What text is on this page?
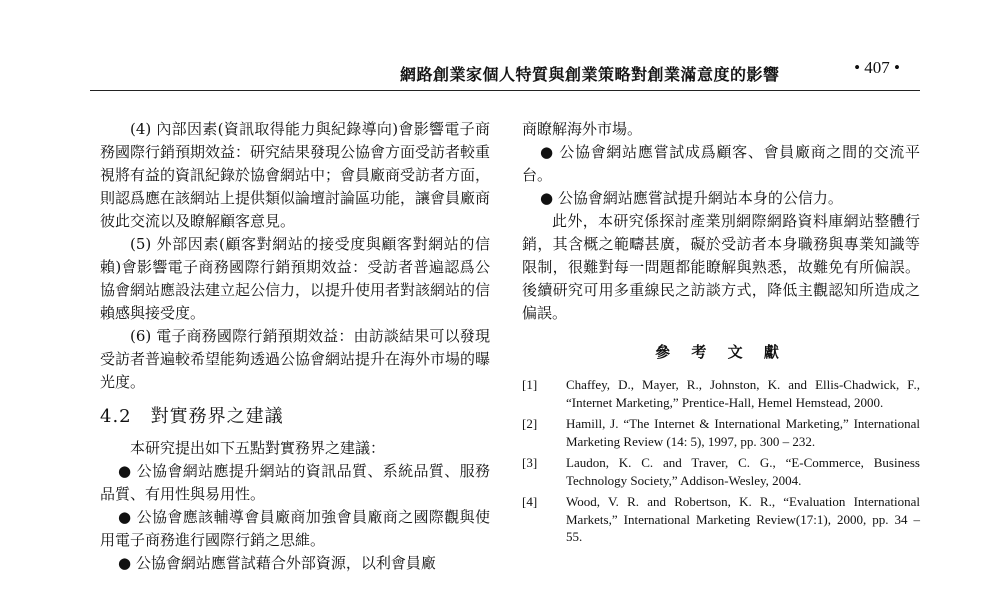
網路創業家個人特質與創業策略對創業滿意度的影響	• 407 •

(4) 內部因素(資訊取得能力與紀錄導向)會影響電子商務國際行銷預期效益：研究結果發現公協會方面受訪者較重視將有益的資訊紀錄於協會網站中；會員廠商受訪者方面，則認爲應在該網站上提供類似論壇討論區功能，讓會員廠商彼此交流以及瞭解顧客意見。

(5) 外部因素(顧客對網站的接受度與顧客對網站的信賴)會影響電子商務國際行銷預期效益：受訪者普遍認爲公協會網站應設法建立起公信力，以提升使用者對該網站的信賴感與接受度。

(6) 電子商務國際行銷預期效益：由訪談結果可以發現受訪者普遍較希望能夠透過公協會網站提升在海外市場的曝光度。

4.2　對實務界之建議

本研究提出如下五點對實務界之建議：

● 公協會網站應提升網站的資訊品質、系統品質、服務品質、有用性與易用性。

● 公協會應該輔導會員廠商加強會員廠商之國際觀與使用電子商務進行國際行銷之思維。

● 公協會網站應嘗試藉合外部資源，以利會員廠

商瞭解海外市場。

● 公協會網站應嘗試成爲顧客、會員廠商之間的交流平台。

● 公協會網站應嘗試提升網站本身的公信力。

此外，本研究係探討產業別網際網路資料庫網站整體行銷，其含概之範疇甚廣，礙於受訪者本身職務與專業知識等限制，很難對每一問題都能瞭解與熟悉，故難免有所偏誤。後續研究可用多重線民之訪談方式，降低主觀認知所造成之偏誤。

參 考 文 獻
[1]	Chaffey, D., Mayer, R., Johnston, K. and Ellis-Chadwick, F., “Internet Marketing,” Prentice-Hall, Hemel Hemstead, 2000.
[2]	Hamill, J. “The Internet & International Marketing,” International Marketing Review (14: 5), 1997, pp. 300 – 232.
[3]	Laudon, K. C. and Traver, C. G., “E-Commerce, Business Technology Society,” Addison-Wesley, 2004.
[4]	Wood, V. R. and Robertson, K. R., “Evaluation International Markets,” International Marketing Review(17:1), 2000, pp. 34 – 55.
